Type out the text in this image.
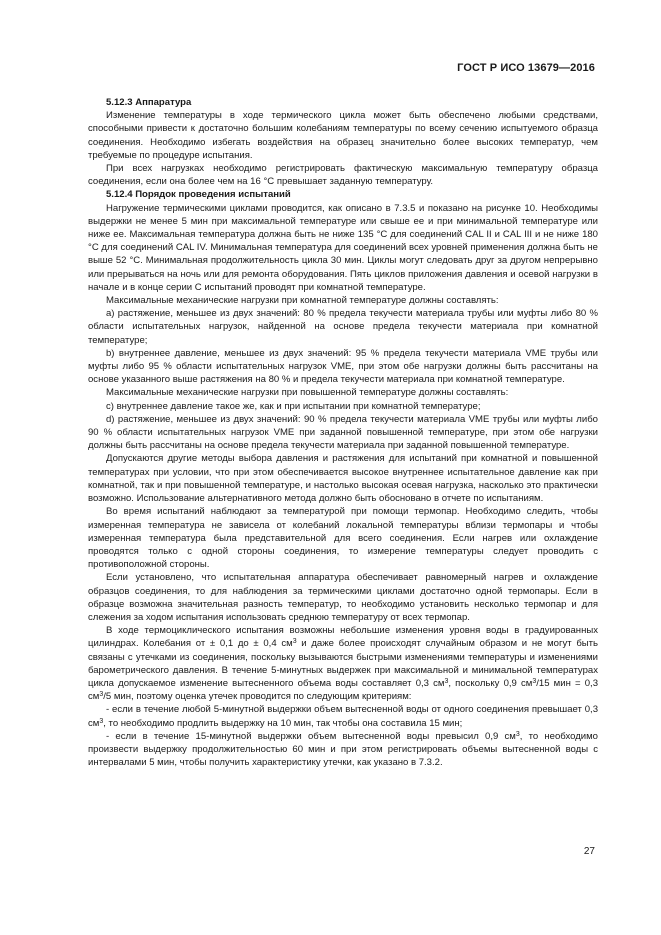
ГОСТ Р ИСО 13679—2016

5.12.3 Аппаратура

Изменение температуры в ходе термического цикла может быть обеспечено любыми средствами, способными привести к достаточно большим колебаниям температуры по всему сечению испытуемого образца соединения. Необходимо избегать воздействия на образец значительно более высоких температур, чем требуемые по процедуре испытания.

При всех нагрузках необходимо регистрировать фактическую максимальную температуру образца соединения, если она более чем на 16 °С превышает заданную температуру.

5.12.4 Порядок проведения испытаний

Нагружение термическими циклами проводится, как описано в 7.3.5 и показано на рисунке 10. Необходимы выдержки не менее 5 мин при максимальной температуре или свыше ее и при минимальной температуре или ниже ее. Максимальная температура должна быть не ниже 135 °С для соединений CAL II и CAL III и не ниже 180 °С для соединений CAL IV. Минимальная температура для соединений всех уровней применения должна быть не выше 52 °С. Минимальная продолжительность цикла 30 мин. Циклы могут следовать друг за другом непрерывно или прерываться на ночь или для ремонта оборудования. Пять циклов приложения давления и осевой нагрузки в начале и в конце серии С испытаний проводят при комнатной температуре.

Максимальные механические нагрузки при комнатной температуре должны составлять:

а) растяжение, меньшее из двух значений: 80 % предела текучести материала трубы или муфты либо 80 % области испытательных нагрузок, найденной на основе предела текучести материала при комнатной температуре;

b) внутреннее давление, меньшее из двух значений: 95 % предела текучести материала VME трубы или муфты либо 95 % области испытательных нагрузок VME, при этом обе нагрузки должны быть рассчитаны на основе указанного выше растяжения на 80 % и предела текучести материала при комнатной температуре.

Максимальные механические нагрузки при повышенной температуре должны составлять:

с) внутреннее давление такое же, как и при испытании при комнатной температуре;

d) растяжение, меньшее из двух значений: 90 % предела текучести материала VME трубы или муфты либо 90 % области испытательных нагрузок VME при заданной повышенной температуре, при этом обе нагрузки должны быть рассчитаны на основе предела текучести материала при заданной повышенной температуре.

Допускаются другие методы выбора давления и растяжения для испытаний при комнатной и повышенной температурах при условии, что при этом обеспечивается высокое внутреннее испытательное давление как при комнатной, так и при повышенной температуре, и настолько высокая осевая нагрузка, насколько это практически возможно. Использование альтернативного метода должно быть обосновано в отчете по испытаниям.

Во время испытаний наблюдают за температурой при помощи термопар. Необходимо следить, чтобы измеренная температура не зависела от колебаний локальной температуры вблизи термопары и чтобы измеренная температура была представительной для всего соединения. Если нагрев или охлаждение проводятся только с одной стороны соединения, то измерение температуры следует проводить с противоположной стороны.

Если установлено, что испытательная аппаратура обеспечивает равномерный нагрев и охлаждение образцов соединения, то для наблюдения за термическими циклами достаточно одной термопары. Если в образце возможна значительная разность температур, то необходимо установить несколько термопар и для слежения за ходом испытания использовать среднюю температуру от всех термопар.

В ходе термоциклического испытания возможны небольшие изменения уровня воды в градуированных цилиндрах. Колебания от ± 0,1 до ± 0,4 $см^3$ и даже более происходят случайным образом и не могут быть связаны с утечками из соединения, поскольку вызываются быстрыми изменениями температуры и изменениями барометрического давления. В течение 5-минутных выдержек при максимальной и минимальной температурах цикла допускаемое изменение вытесненного объема воды составляет 0,3 $см^3$, поскольку 0,9 $см^3/15$ мин = 0,3 $см^3/5$ мин, поэтому оценка утечек проводится по следующим критериям:

- если в течение любой 5-минутной выдержки объем вытесненной воды от одного соединения превышает 0,3 $см^3$, то необходимо продлить выдержку на 10 мин, так чтобы она составила 15 мин;

- если в течение 15-минутной выдержки объем вытесненной воды превысил 0,9 $см^3$, то необходимо произвести выдержку продолжительностью 60 мин и при этом регистрировать объемы вытесненной воды с интервалами 5 мин, чтобы получить характеристику утечки, как указано в 7.3.2.

27
